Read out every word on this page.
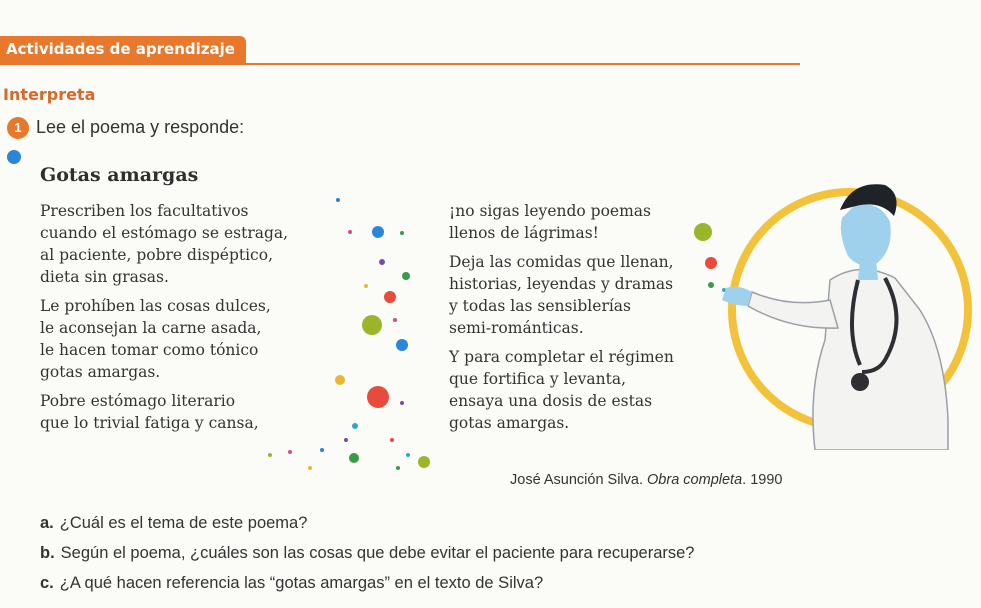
Actividades de aprendizaje
Interpreta
1 Lee el poema y responde:
Gotas amargas
Prescriben los facultativos
cuando el estómago se estraga,
al paciente, pobre dispéptico,
dieta sin grasas.
Le prohíben las cosas dulces,
le aconsejan la carne asada,
le hacen tomar como tónico
gotas amargas.
Pobre estómago literario
que lo trivial fatiga y cansa,
¡no sigas leyendo poemas
llenos de lágrimas!
Deja las comidas que llenan,
historias, leyendas y dramas
y todas las sensiblerías
semi-románticas.
Y para completar el régimen
que fortifica y levanta,
ensaya una dosis de estas
gotas amargas.
José Asunción Silva. Obra completa. 1990
a. ¿Cuál es el tema de este poema?
b. Según el poema, ¿cuáles son las cosas que debe evitar el paciente para recuperarse?
c. ¿A qué hacen referencia las “gotas amargas” en el texto de Silva?
